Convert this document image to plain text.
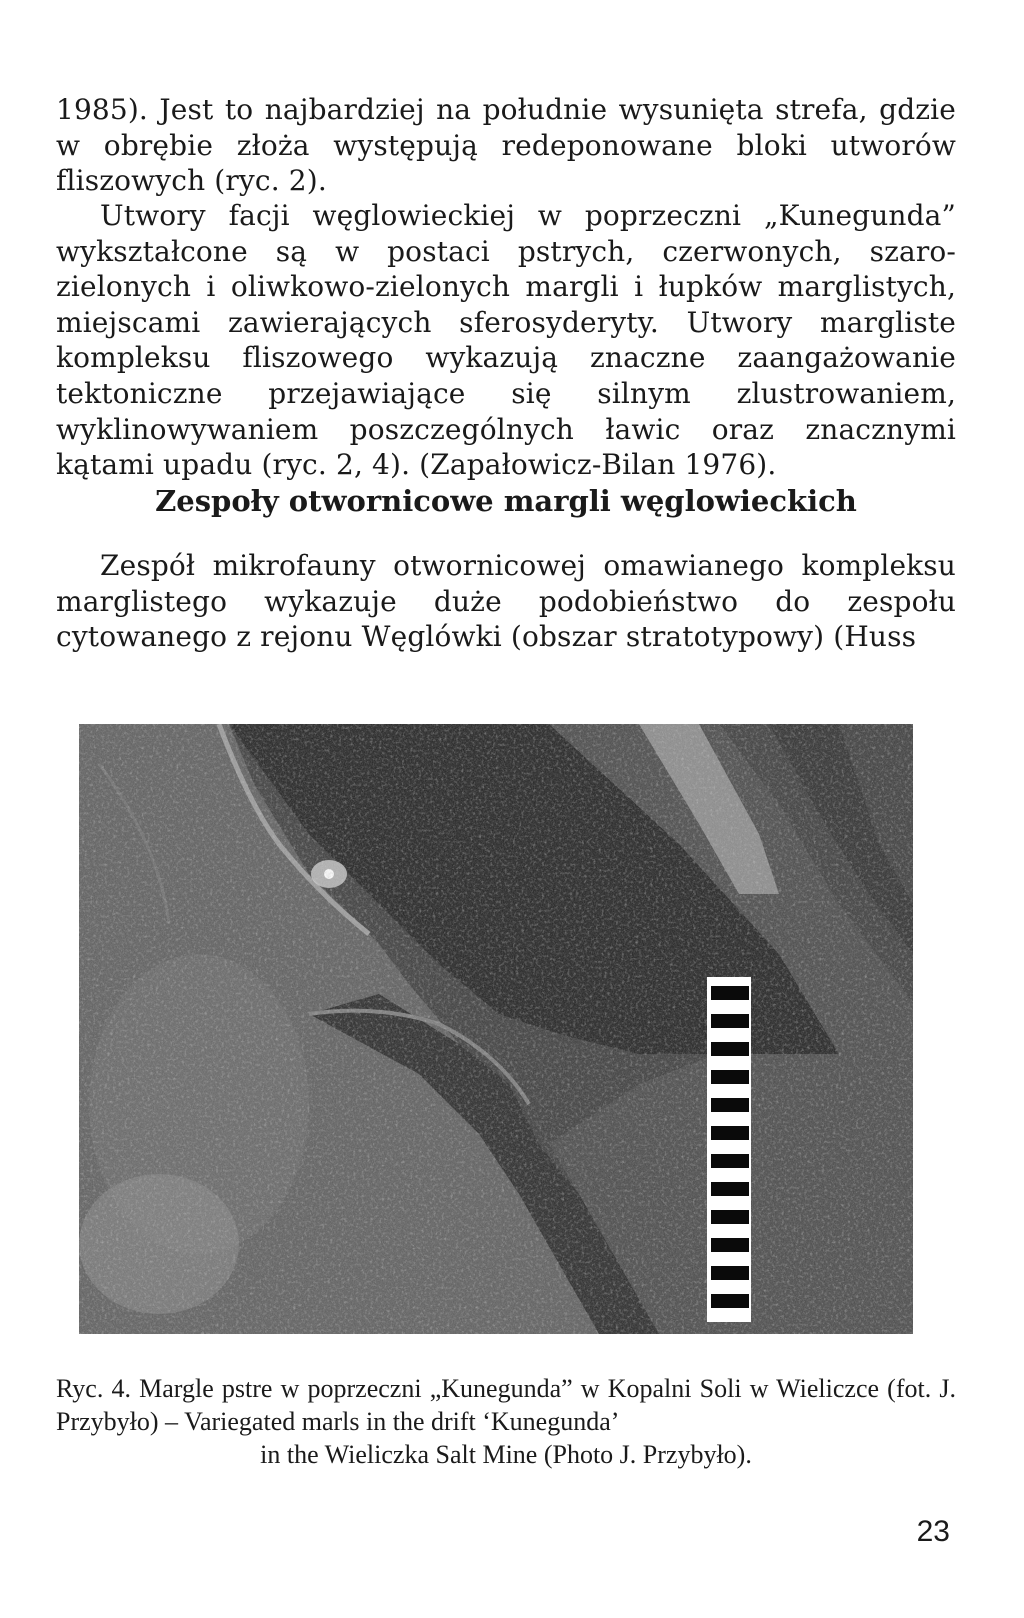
1985). Jest to najbardziej na południe wysunięta strefa, gdzie w obrębie złoża występują redeponowane bloki utworów fliszowych (ryc. 2).

Utwory facji węglowieckiej w poprzeczni „Kunegunda” wykształcone są w postaci pstrych, czerwonych, szaro-zielonych i oliwkowo-zielonych margli i łupków marglistych, miejscami zawierających sferosyderyty. Utwory margliste kompleksu fliszowego wykazują znaczne zaangażowanie tektoniczne przejawiające się silnym zlustrowaniem, wyklinowywaniem poszczególnych ławic oraz znacznymi kątami upadu (ryc. 2, 4). (Zapałowicz-Bilan 1976).

Zespoły otwornicowe margli węglowieckich

Zespół mikrofauny otwornicowej omawianego kompleksu marglistego wykazuje duże podobieństwo do zespołu cytowanego z rejonu Węglówki (obszar stratotypowy) (Huss

Ryc. 4. Margle pstre w poprzeczni „Kunegunda” w Kopalni Soli w Wieliczce (fot. J. Przybyło) – Variegated marls in the drift ‘Kunegunda’
in the Wieliczka Salt Mine (Photo J. Przybyło).

23
